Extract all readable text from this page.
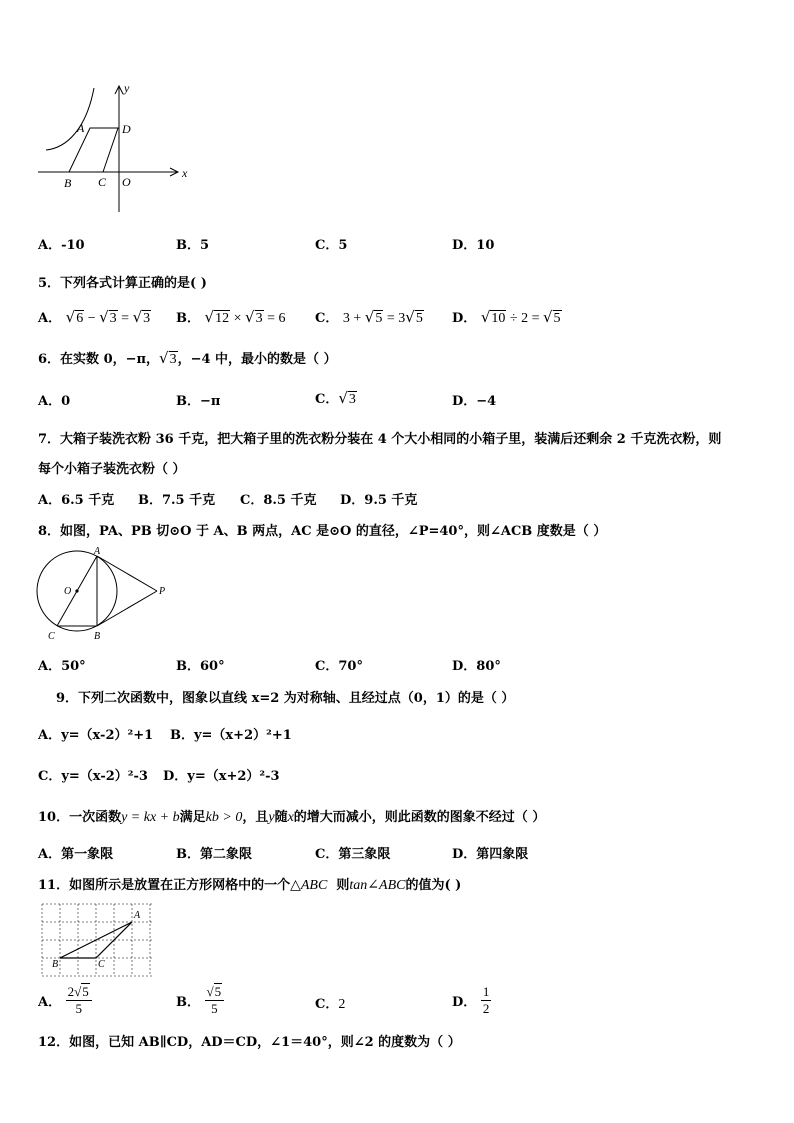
y
x
A	D
B C O
A．-10	B．5	C．5	D．10
5．下列各式计算正确的是( )
A． √6 − √3 = √3 B． √12 × √3 = 6 C． 3 + √5 = 3√5 D． √10 ÷ 2 = √5
6．在实数 0，−π，√3，−4 中，最小的数是（ ）
A．0	B．−π	C．√3	D．−4
7．大箱子装洗衣粉 36 千克，把大箱子里的洗衣粉分装在 4 个大小相同的小箱子里，装满后还剩余 2 千克洗衣粉，则
每个小箱子装洗衣粉（ ）
A．6.5 千克 B．7.5 千克 C．8.5 千克 D．9.5 千克
8．如图，PA、PB 切⊙O 于 A、B 两点，AC 是⊙O 的直径，∠P=40°，则∠ACB 度数是（ ）
A
O	P
C	B
A．50°	B．60°	C．70°	D．80°
9．下列二次函数中，图象以直线 x=2 为对称轴、且经过点（0，1）的是（ ）
A．y=（x-2）²+1 B．y=（x+2）²+1
C．y=（x-2）²-3 D．y=（x+2）²-3
10．一次函数y = kx + b满足kb > 0，且y随x的增大而减小，则此函数的图象不经过（ ）
A．第一象限	B．第二象限	C．第三象限	D．第四象限
11．如图所示是放置在正方形网格中的一个△ABC 则tan∠ABC的值为( )
A
B	C
A． $\frac{2√5}{5}$	B． $\frac{√5}{5}$	C．2	D． $\frac{1}{2}$
12．如图，已知 AB∥CD，AD＝CD，∠1＝40°，则∠2 的度数为（ ）
